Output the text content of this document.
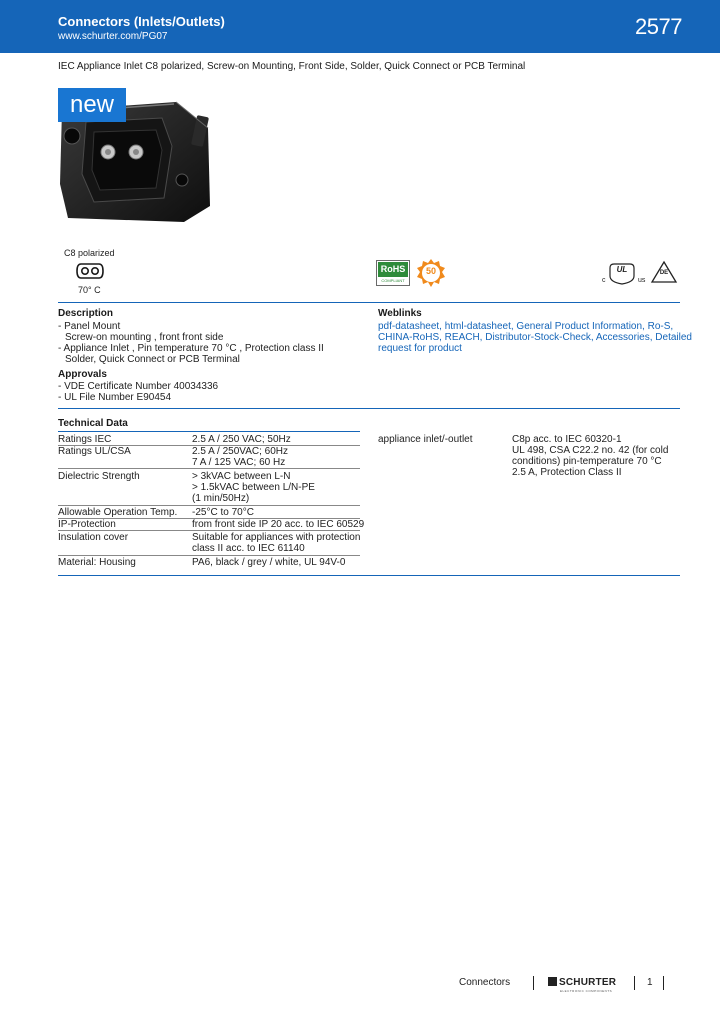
Connectors (Inlets/Outlets)
www.schurter.com/PG07	2577
IEC Appliance Inlet C8 polarized, Screw-on Mounting, Front Side, Solder, Quick Connect or PCB Terminal
new
C8 polarized
70° C
RoHS
COMPLIANT
50
c	us
UL	DE
Description
- Panel Mount
Screw-on mounting , front front side
- Appliance Inlet , Pin temperature 70 °C , Protection class II
Solder, Quick Connect or PCB Terminal
Weblinks
pdf-datasheet, html-datasheet, General Product Information, Ro-S,
CHINA-RoHS, REACH, Distributor-Stock-Check, Accessories, Detailed
request for product
Approvals
- VDE Certificate Number 40034336
- UL File Number E90454
Technical Data
Ratings IEC	2.5 A / 250 VAC; 50Hz
Ratings UL/CSA	2.5 A / 250VAC; 60Hz
7 A / 125 VAC; 60 Hz
Dielectric Strength	> 3kVAC between L-N
> 1.5kVAC between L/N-PE
(1 min/50Hz)
Allowable Operation Temp. -25°C to 70°C
IP-Protection	from front side IP 20 acc. to IEC 60529
Insulation cover	Suitable for appliances with protection
class II acc. to IEC 61140
Material: Housing	PA6, black / grey / white, UL 94V-0
appliance inlet/-outlet	C8p acc. to IEC 60320-1
UL 498, CSA C22.2 no. 42 (for cold
conditions) pin-temperature 70 °C
2.5 A, Protection Class II
Connectors	SCHURTER
ELECTRONIC COMPONENTS
1
